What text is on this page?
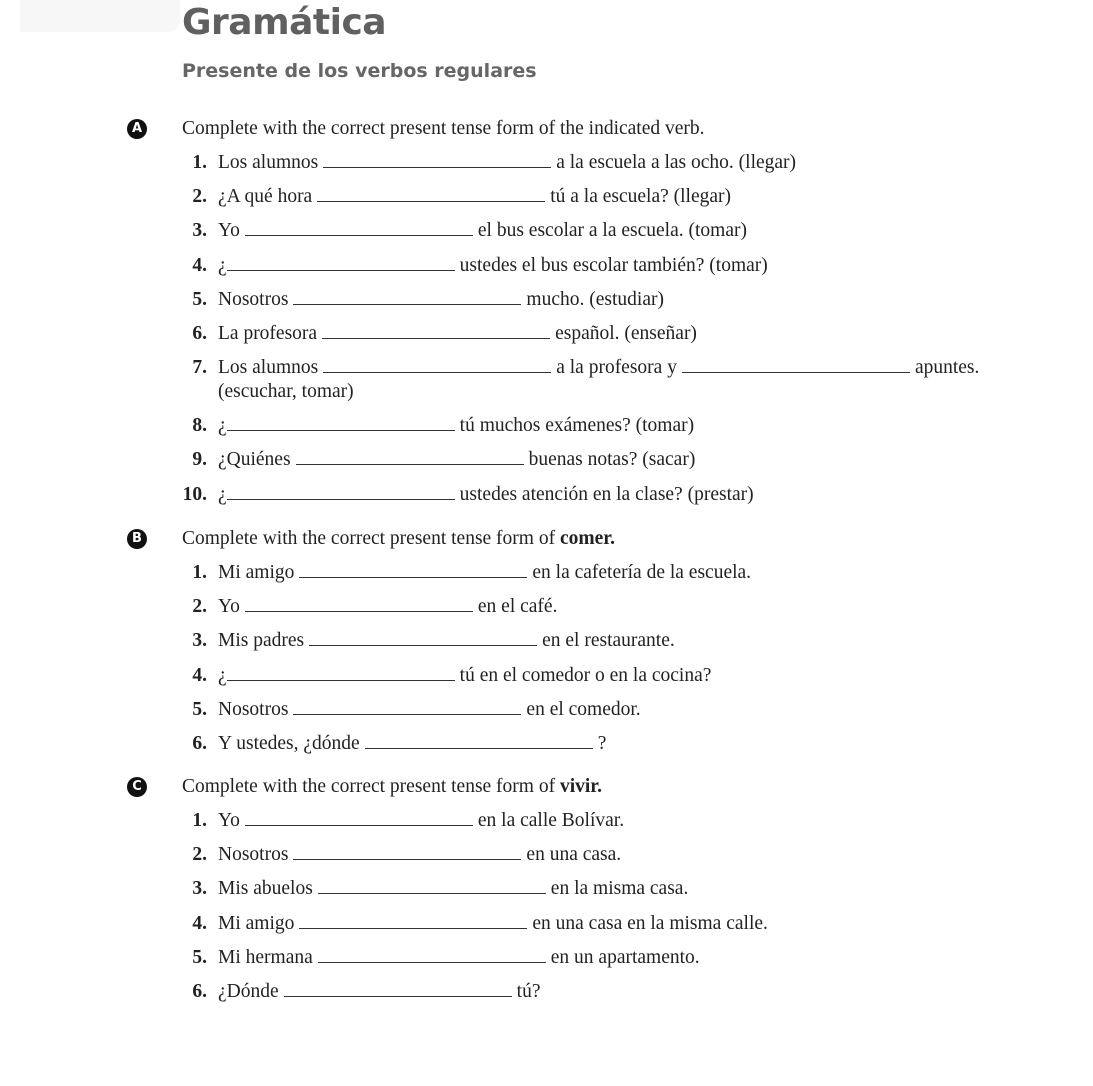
Gramática
Presente de los verbos regulares
A Complete with the correct present tense form of the indicated verb.
1. Los alumnos	a la escuela a las ocho. (llegar)
2. ¿A qué hora	tú a la escuela? (llegar)
3. Yo	el bus escolar a la escuela. (tomar)
4. ¿	ustedes el bus escolar también? (tomar)
5. Nosotros	mucho. (estudiar)
6. La profesora	español. (enseñar)
7. Los alumnos	a la profesora y	apuntes.
(escuchar, tomar)
8. ¿	tú muchos exámenes? (tomar)
9. ¿Quiénes	buenas notas? (sacar)
10. ¿	ustedes atención en la clase? (prestar)
B Complete with the correct present tense form of comer.
1. Mi amigo	en la cafetería de la escuela.
2. Yo	en el café.
3. Mis padres	en el restaurante.
4. ¿	tú en el comedor o en la cocina?
5. Nosotros	en el comedor.
6. Y ustedes, ¿dónde	?
C Complete with the correct present tense form of vivir.
1. Yo	en la calle Bolívar.
2. Nosotros	en una casa.
3. Mis abuelos	en la misma casa.
4. Mi amigo	en una casa en la misma calle.
5. Mi hermana	en un apartamento.
6. ¿Dónde	tú?
